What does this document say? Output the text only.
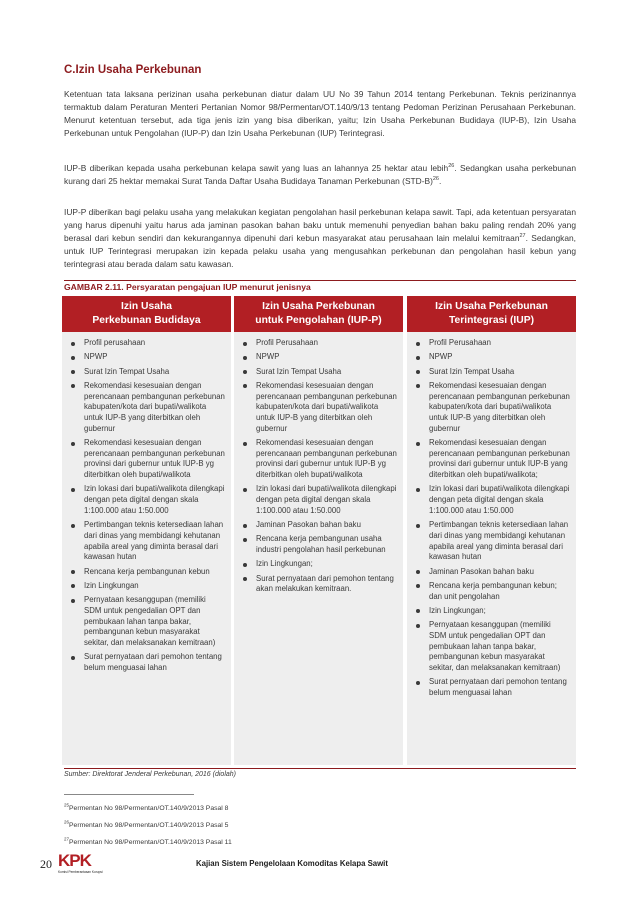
C.Izin Usaha Perkebunan
Ketentuan tata laksana perizinan usaha perkebunan diatur dalam UU No 39 Tahun 2014 tentang Perkebunan. Teknis perizinannya termaktub dalam Peraturan Menteri Pertanian Nomor 98/Permentan/OT.140/9/13 tentang Pedoman Perizinan Perusahaan Perkebunan. Menurut ketentuan tersebut, ada tiga jenis izin yang bisa diberikan, yaitu; Izin Usaha Perkebunan Budidaya (IUP-B), Izin Usaha Perkebunan untuk Pengolahan (IUP-P) dan Izin Usaha Perkebunan (IUP) Terintegrasi.
IUP-B diberikan kepada usaha perkebunan kelapa sawit yang luas an lahannya 25 hektar atau lebih$^{26}$. Sedangkan usaha perkebunan kurang dari 25 hektar memakai Surat Tanda Daftar Usaha Budidaya Tanaman Perkebunan $(STD-B)^{26}$.
IUP-P diberikan bagi pelaku usaha yang melakukan kegiatan pengolahan hasil perkebunan kelapa sawit. Tapi, ada ketentuan persyaratan yang harus dipenuhi yaitu harus ada jaminan pasokan bahan baku untuk memenuhi penyedian bahan baku paling rendah 20% yang berasal dari kebun sendiri dan kekurangannya dipenuhi dari kebun masyarakat atau perusahaan lain melalui kemitraan$^{27}$. Sedangkan, untuk IUP Terintegrasi merupakan izin kepada pelaku usaha yang mengusahkan perkebunan dan pengolahan hasil kebun yang terintegrasi atau berada dalam satu kawasan.
GAMBAR 2.11. Persyaratan pengajuan IUP menurut jenisnya
Izin Usaha
Perkebunan Budidaya
Profil perusahaan
NPWP
Surat Izin Tempat Usaha
Rekomendasi kesesuaian dengan perencanaan pembangunan perkebunan kabupaten/kota dari bupati/walikota untuk IUP-B yang diterbitkan oleh gubernur
Rekomendasi kesesuaian dengan perencanaan pembangunan perkebunan provinsi dari gubernur untuk IUP-B yg diterbitkan oleh bupati/walikota
Izin lokasi dari bupati/walikota dilengkapi dengan peta digital dengan skala 1:100.000 atau 1:50.000
Pertimbangan teknis ketersediaan lahan dari dinas yang membidangi kehutanan apabila areal yang diminta berasal dari kawasan hutan
Rencana kerja pembangunan kebun
Izin Lingkungan
Pernyataan kesanggupan (memiliki SDM untuk pengedalian OPT dan pembukaan lahan tanpa bakar, pembangunan kebun masyarakat sekitar, dan melaksanakan kemitraan)
Surat pernyataan dari pemohon tentang belum menguasai lahan
Izin Usaha Perkebunan
untuk Pengolahan (IUP-P)
Profil Perusahaan
NPWP
Surat Izin Tempat Usaha
Rekomendasi kesesuaian dengan perencanaan pembangunan perkebunan kabupaten/kota dari bupati/walikota untuk IUP-B yang diterbitkan oleh gubernur
Rekomendasi kesesuaian dengan perencanaan pembangunan perkebunan provinsi dari gubernur untuk IUP-B yg diterbitkan oleh bupati/walikota
Izin lokasi dari bupati/walikota dilengkapi dengan peta digital dengan skala 1:100.000 atau 1:50.000
Jaminan Pasokan bahan baku
Rencana kerja pembangunan usaha industri pengolahan hasil perkebunan
Izin Lingkungan;
Surat pernyataan dari pemohon tentang akan melakukan kemitraan.
Izin Usaha Perkebunan
Terintegrasi (IUP)
Profil Perusahaan
NPWP
Surat Izin Tempat Usaha
Rekomendasi kesesuaian dengan perencanaan pembangunan perkebunan kabupaten/kota dari bupati/walikota untuk IUP-B yang diterbitkan oleh gubernur
Rekomendasi kesesuaian dengan perencanaan pembangunan perkebunan provinsi dari gubernur untuk IUP-B yang diterbitkan oleh bupati/walikota;
Izin lokasi dari bupati/walikota dilengkapi dengan peta digital dengan skala 1:100.000 atau 1:50.000
Pertimbangan teknis ketersediaan lahan dari dinas yang membidangi kehutanan apabila areal yang diminta berasal dari kawasan hutan
Jaminan Pasokan bahan baku
Rencana kerja pembangunan kebun; dan unit pengolahan
Izin Lingkungan;
Pernyataan kesanggupan (memiliki SDM untuk pengedalian OPT dan pembukaan lahan tanpa bakar, pembangunan kebun masyarakat sekitar, dan melaksanakan kemitraan)
Surat pernyataan dari pemohon tentang belum menguasai lahan
Sumber: Direktorat Jenderal Perkebunan, 2016 (diolah)
$^{25}$Permentan No 98/Permentan/OT.140/9/2013 Pasal 8
$^{26}$Permentan No 98/Permentan/OT.140/9/2013 Pasal 5
$^{27}$Permentan No 98/Permentan/OT.140/9/2013 Pasal 11
20 KPK
Komisi Pemberantasan Korupsi
Kajian Sistem Pengelolaan Komoditas Kelapa Sawit
